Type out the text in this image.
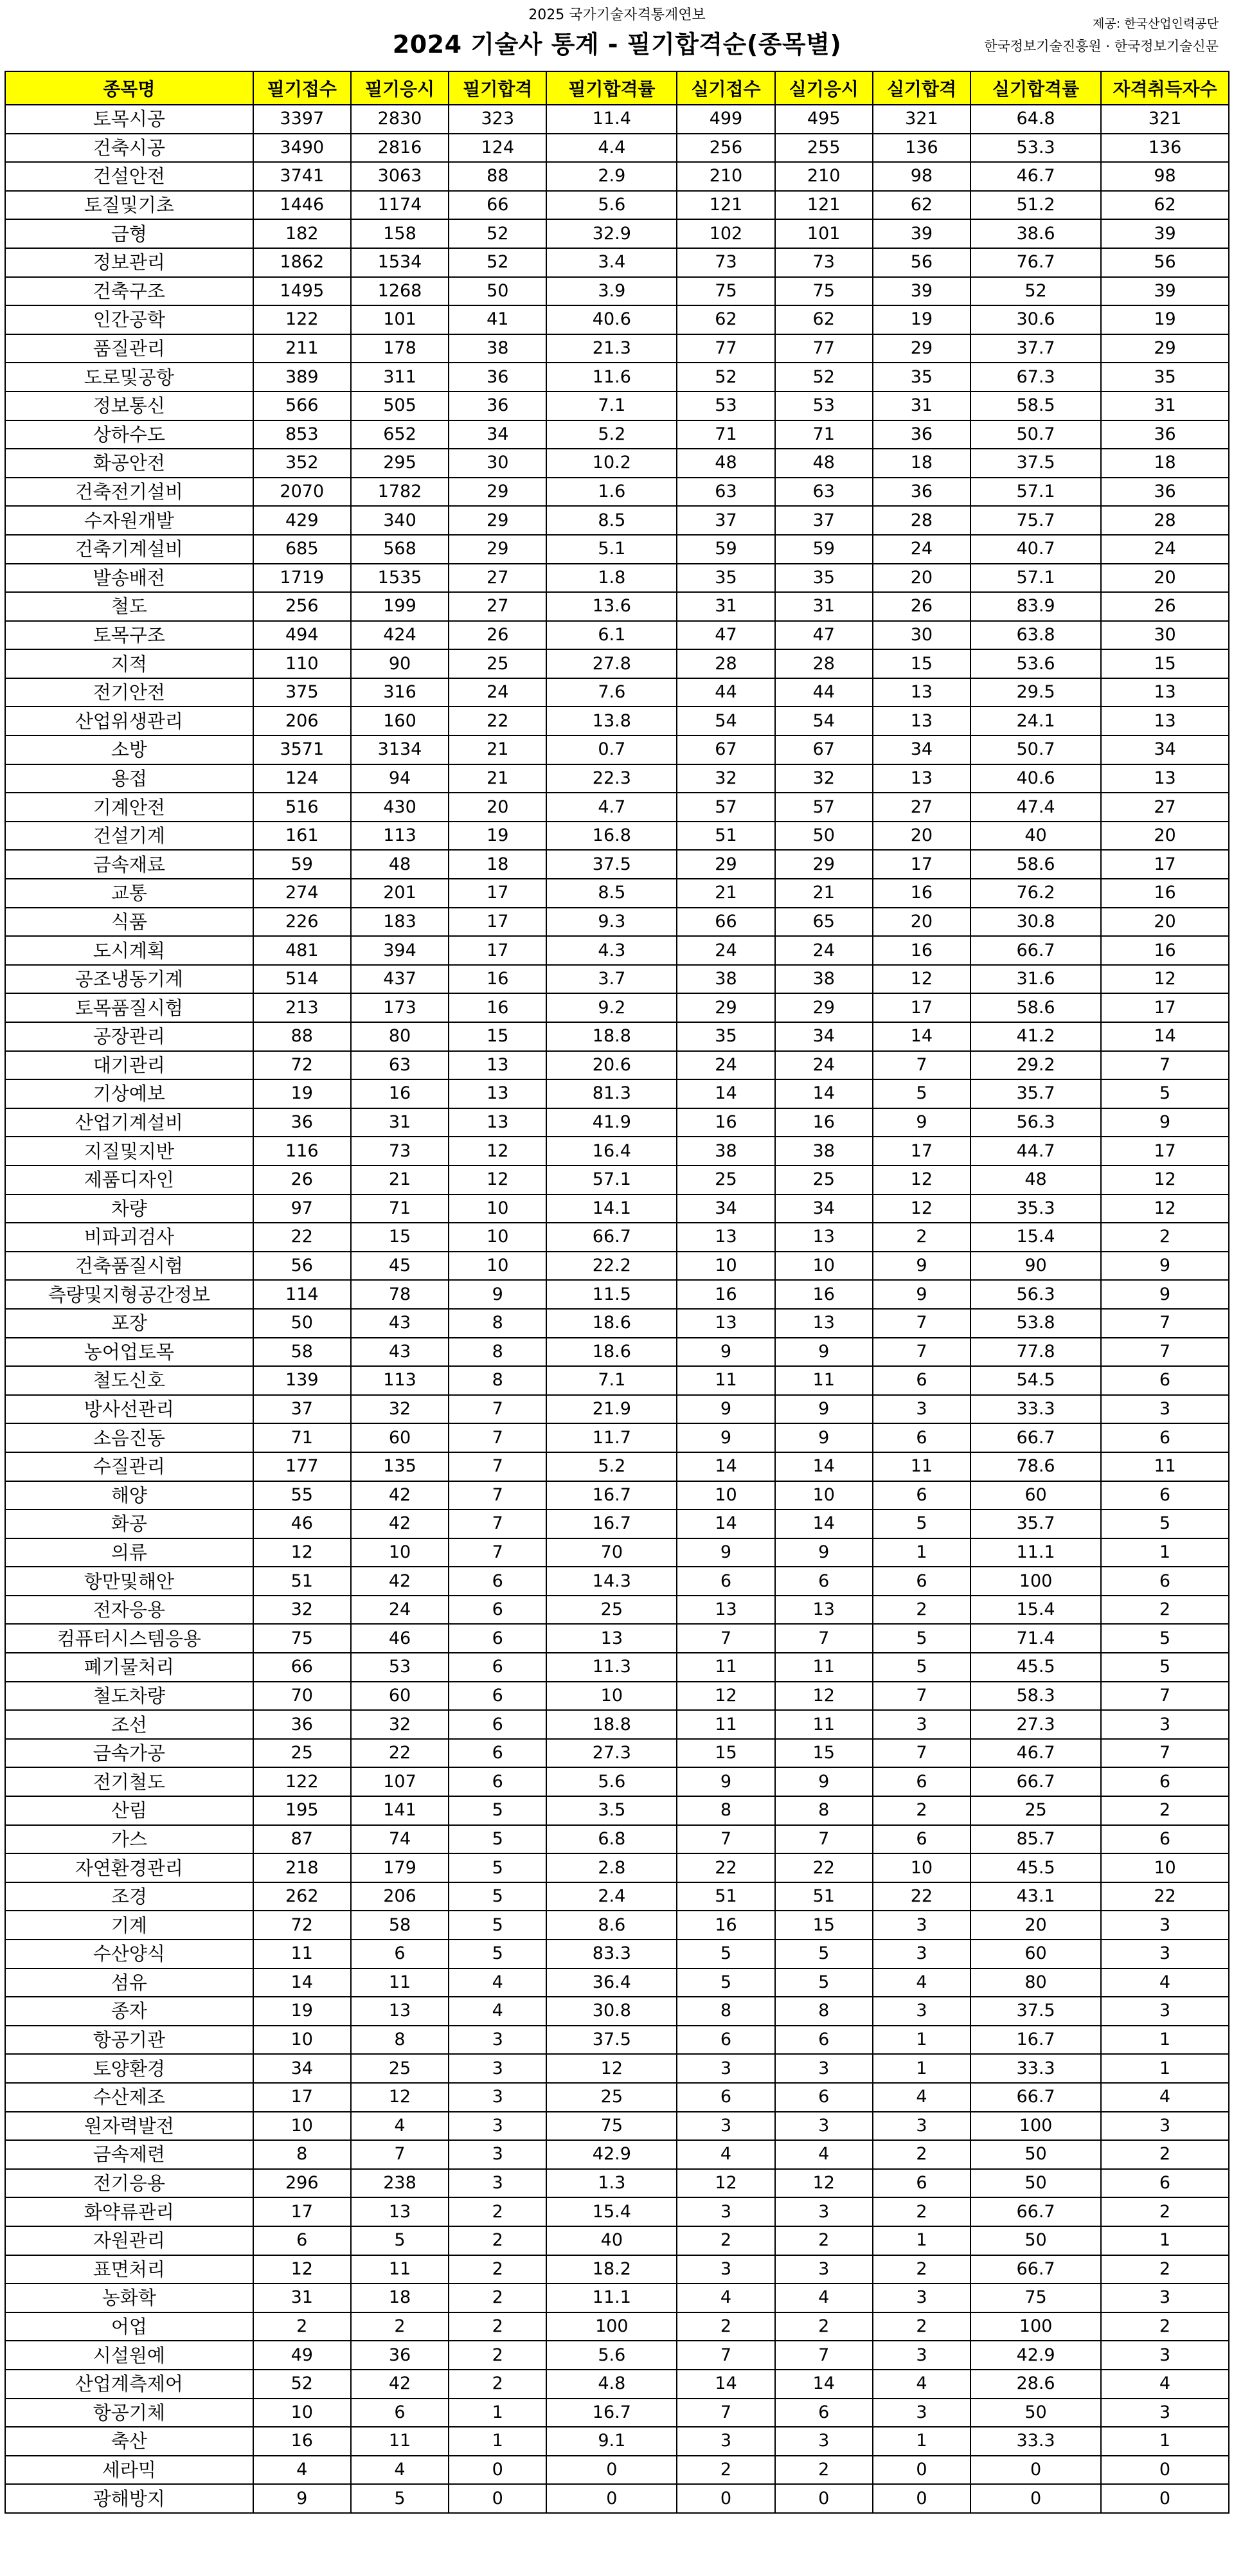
2025 국가기술자격통계연보
2024 기술사 통계 - 필기합격순(종목별)
제공: 한국산업인력공단
한국정보기술진흥원 · 한국정보기술신문
종목명	필기접수	필기응시	필기합격	필기합격률	실기접수	실기응시	실기합격	실기합격률	자격취득자수
토목시공	3397	2830	323	11.4	499	495	321	64.8	321
건축시공	3490	2816	124	4.4	256	255	136	53.3	136
건설안전	3741	3063	88	2.9	210	210	98	46.7	98
토질및기초	1446	1174	66	5.6	121	121	62	51.2	62
금형	182	158	52	32.9	102	101	39	38.6	39
정보관리	1862	1534	52	3.4	73	73	56	76.7	56
건축구조	1495	1268	50	3.9	75	75	39	52	39
인간공학	122	101	41	40.6	62	62	19	30.6	19
품질관리	211	178	38	21.3	77	77	29	37.7	29
도로및공항	389	311	36	11.6	52	52	35	67.3	35
정보통신	566	505	36	7.1	53	53	31	58.5	31
상하수도	853	652	34	5.2	71	71	36	50.7	36
화공안전	352	295	30	10.2	48	48	18	37.5	18
건축전기설비	2070	1782	29	1.6	63	63	36	57.1	36
수자원개발	429	340	29	8.5	37	37	28	75.7	28
건축기계설비	685	568	29	5.1	59	59	24	40.7	24
발송배전	1719	1535	27	1.8	35	35	20	57.1	20
철도	256	199	27	13.6	31	31	26	83.9	26
토목구조	494	424	26	6.1	47	47	30	63.8	30
지적	110	90	25	27.8	28	28	15	53.6	15
전기안전	375	316	24	7.6	44	44	13	29.5	13
산업위생관리	206	160	22	13.8	54	54	13	24.1	13
소방	3571	3134	21	0.7	67	67	34	50.7	34
용접	124	94	21	22.3	32	32	13	40.6	13
기계안전	516	430	20	4.7	57	57	27	47.4	27
건설기계	161	113	19	16.8	51	50	20	40	20
금속재료	59	48	18	37.5	29	29	17	58.6	17
교통	274	201	17	8.5	21	21	16	76.2	16
식품	226	183	17	9.3	66	65	20	30.8	20
도시계획	481	394	17	4.3	24	24	16	66.7	16
공조냉동기계	514	437	16	3.7	38	38	12	31.6	12
토목품질시험	213	173	16	9.2	29	29	17	58.6	17
공장관리	88	80	15	18.8	35	34	14	41.2	14
대기관리	72	63	13	20.6	24	24	7	29.2	7
기상예보	19	16	13	81.3	14	14	5	35.7	5
산업기계설비	36	31	13	41.9	16	16	9	56.3	9
지질및지반	116	73	12	16.4	38	38	17	44.7	17
제품디자인	26	21	12	57.1	25	25	12	48	12
차량	97	71	10	14.1	34	34	12	35.3	12
비파괴검사	22	15	10	66.7	13	13	2	15.4	2
건축품질시험	56	45	10	22.2	10	10	9	90	9
측량및지형공간정보	114	78	9	11.5	16	16	9	56.3	9
포장	50	43	8	18.6	13	13	7	53.8	7
농어업토목	58	43	8	18.6	9	9	7	77.8	7
철도신호	139	113	8	7.1	11	11	6	54.5	6
방사선관리	37	32	7	21.9	9	9	3	33.3	3
소음진동	71	60	7	11.7	9	9	6	66.7	6
수질관리	177	135	7	5.2	14	14	11	78.6	11
해양	55	42	7	16.7	10	10	6	60	6
화공	46	42	7	16.7	14	14	5	35.7	5
의류	12	10	7	70	9	9	1	11.1	1
항만및해안	51	42	6	14.3	6	6	6	100	6
전자응용	32	24	6	25	13	13	2	15.4	2
컴퓨터시스템응용	75	46	6	13	7	7	5	71.4	5
폐기물처리	66	53	6	11.3	11	11	5	45.5	5
철도차량	70	60	6	10	12	12	7	58.3	7
조선	36	32	6	18.8	11	11	3	27.3	3
금속가공	25	22	6	27.3	15	15	7	46.7	7
전기철도	122	107	6	5.6	9	9	6	66.7	6
산림	195	141	5	3.5	8	8	2	25	2
가스	87	74	5	6.8	7	7	6	85.7	6
자연환경관리	218	179	5	2.8	22	22	10	45.5	10
조경	262	206	5	2.4	51	51	22	43.1	22
기계	72	58	5	8.6	16	15	3	20	3
수산양식	11	6	5	83.3	5	5	3	60	3
섬유	14	11	4	36.4	5	5	4	80	4
종자	19	13	4	30.8	8	8	3	37.5	3
항공기관	10	8	3	37.5	6	6	1	16.7	1
토양환경	34	25	3	12	3	3	1	33.3	1
수산제조	17	12	3	25	6	6	4	66.7	4
원자력발전	10	4	3	75	3	3	3	100	3
금속제련	8	7	3	42.9	4	4	2	50	2
전기응용	296	238	3	1.3	12	12	6	50	6
화약류관리	17	13	2	15.4	3	3	2	66.7	2
자원관리	6	5	2	40	2	2	1	50	1
표면처리	12	11	2	18.2	3	3	2	66.7	2
농화학	31	18	2	11.1	4	4	3	75	3
어업	2	2	2	100	2	2	2	100	2
시설원예	49	36	2	5.6	7	7	3	42.9	3
산업계측제어	52	42	2	4.8	14	14	4	28.6	4
항공기체	10	6	1	16.7	7	6	3	50	3
축산	16	11	1	9.1	3	3	1	33.3	1
세라믹	4	4	0	0	2	2	0	0	0
광해방지	9	5	0	0	0	0	0	0	0
